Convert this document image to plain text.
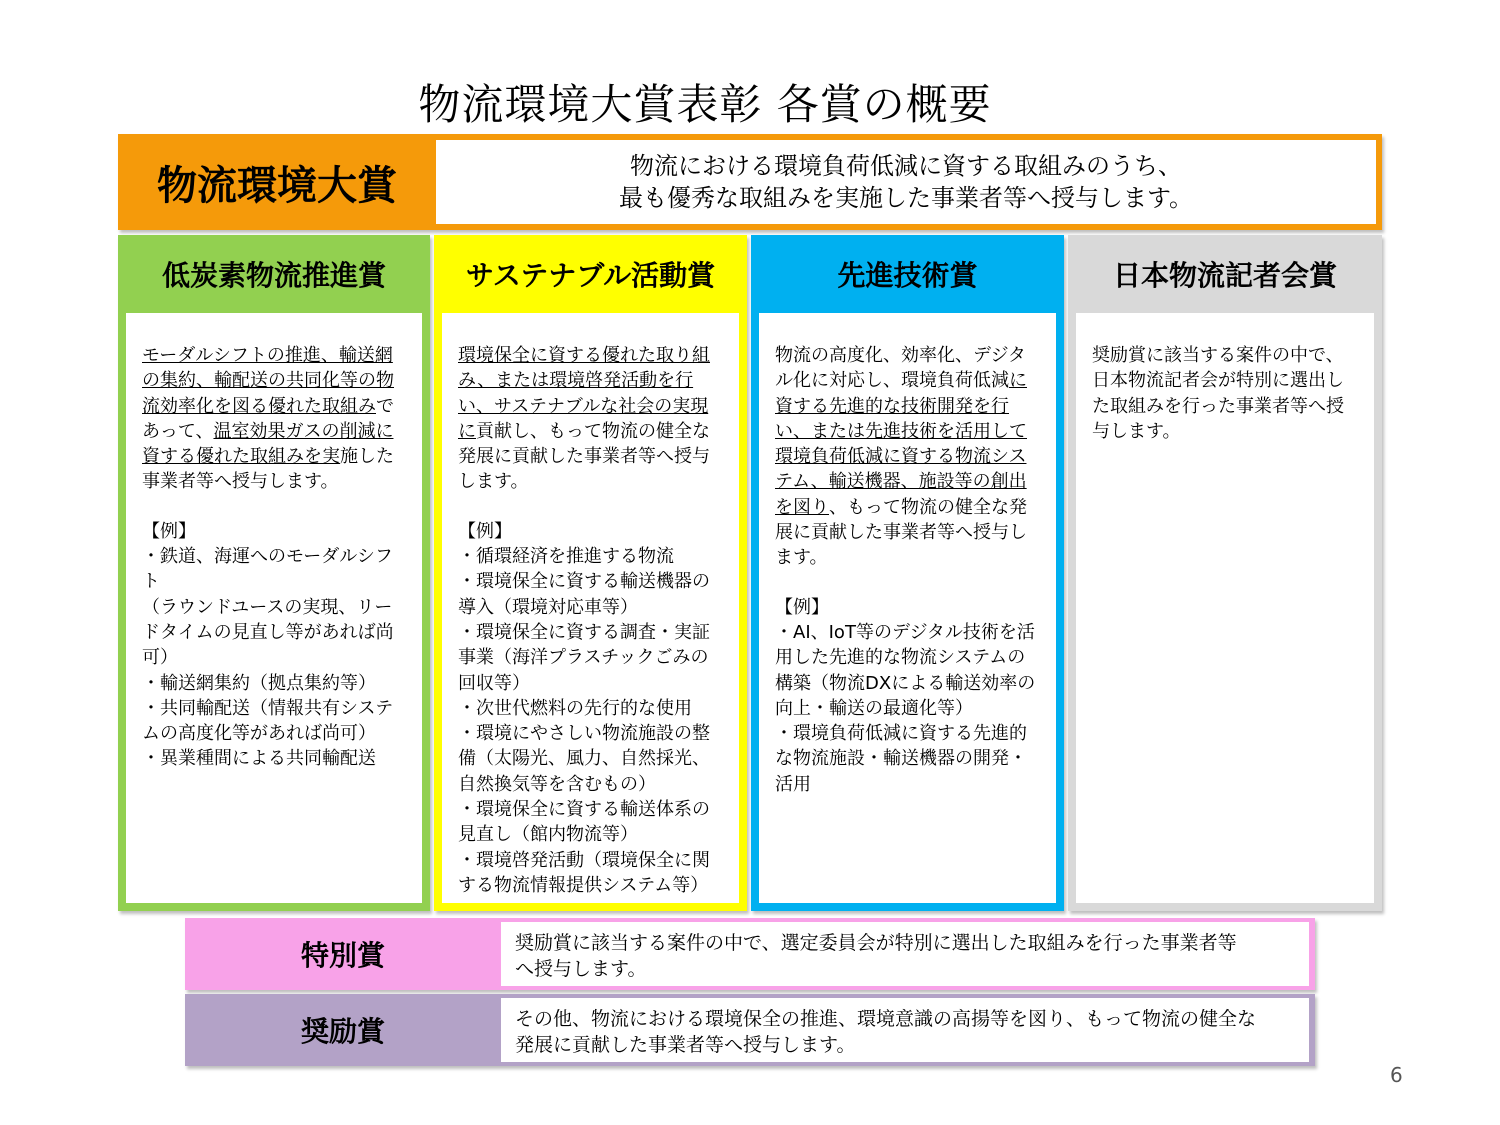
物流環境大賞表彰 各賞の概要
物流環境大賞	物流における環境負荷低減に資する取組みのうち、
最も優秀な取組みを実施した事業者等へ授与します。
低炭素物流推進賞
モーダルシフトの推進、輸送網の集約、輸配送の共同化等の物流効率化を図る優れた取組みであって、温室効果ガスの削減に資する優れた取組みを実施した事業者等へ授与します。
【例】
・鉄道、海運へのモーダルシフト
（ラウンドユースの実現、リードタイムの見直し等があれば尚可）
・輸送網集約（拠点集約等）
・共同輸配送（情報共有システムの高度化等があれば尚可）
・異業種間による共同輸配送
サステナブル活動賞
環境保全に資する優れた取り組み、または環境啓発活動を行い、サステナブルな社会の実現に貢献し、もって物流の健全な発展に貢献した事業者等へ授与します。
【例】
・循環経済を推進する物流
・環境保全に資する輸送機器の導入（環境対応車等）
・環境保全に資する調査・実証事業（海洋プラスチックごみの回収等）
・次世代燃料の先行的な使用
・環境にやさしい物流施設の整備（太陽光、風力、自然採光、自然換気等を含むもの）
・環境保全に資する輸送体系の見直し（館内物流等）
・環境啓発活動（環境保全に関する物流情報提供システム等）
先進技術賞
物流の高度化、効率化、デジタル化に対応し、環境負荷低減に資する先進的な技術開発を行い、または先進技術を活用して環境負荷低減に資する物流システム、輸送機器、施設等の創出を図り、もって物流の健全な発展に貢献した事業者等へ授与します。
【例】
・AI、IoT等のデジタル技術を活用した先進的な物流システムの構築（物流DXによる輸送効率の向上・輸送の最適化等）
・環境負荷低減に資する先進的な物流施設・輸送機器の開発・活用
日本物流記者会賞
奨励賞に該当する案件の中で、日本物流記者会が特別に選出した取組みを行った事業者等へ授与します。
特別賞	奨励賞に該当する案件の中で、選定委員会が特別に選出した取組みを行った事業者等
へ授与します。
奨励賞	その他、物流における環境保全の推進、環境意識の高揚等を図り、もって物流の健全な
発展に貢献した事業者等へ授与します。
6
